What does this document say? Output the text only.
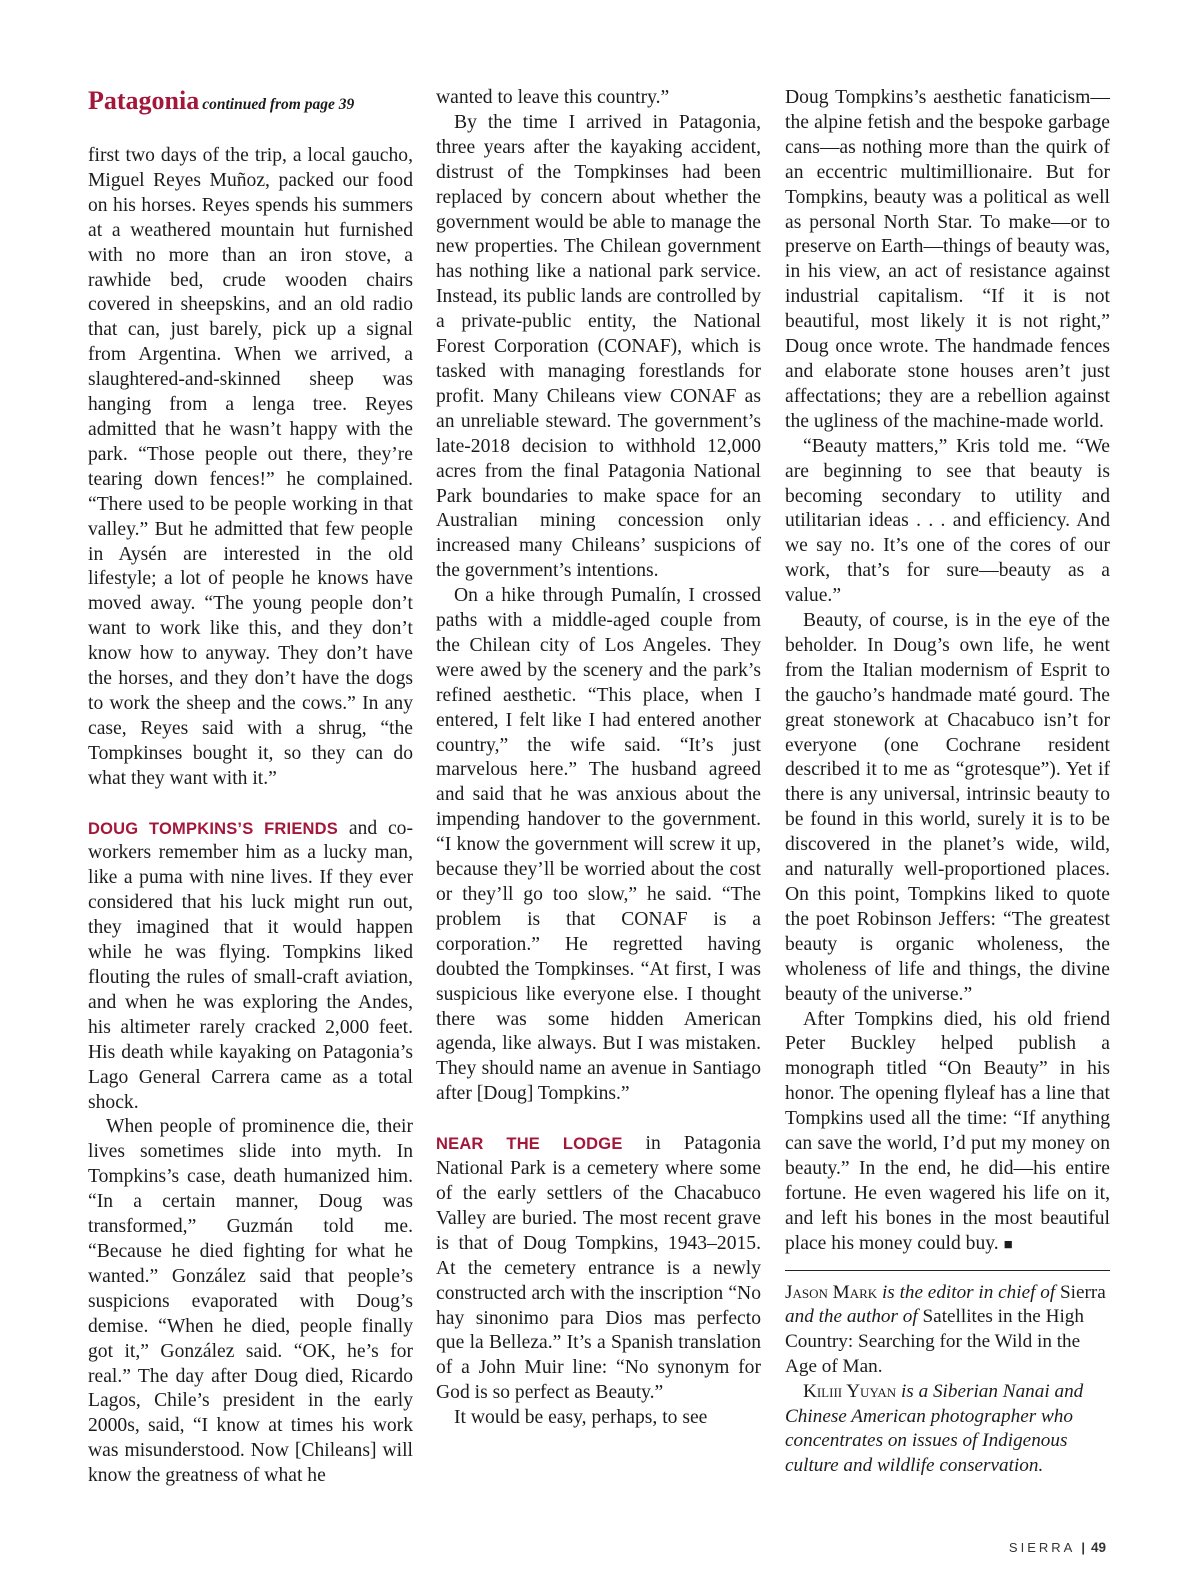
Patagonia continued from page 39

first two days of the trip, a local gaucho, Miguel Reyes Muñoz, packed our food on his horses. Reyes spends his summers at a weathered mountain hut furnished with no more than an iron stove, a rawhide bed, crude wooden chairs covered in sheepskins, and an old radio that can, just barely, pick up a signal from Argentina. When we arrived, a slaughtered-and-skinned sheep was hanging from a lenga tree. Reyes admitted that he wasn’t happy with the park. “Those people out there, they’re tearing down fences!” he complained. “There used to be people working in that valley.” But he admitted that few people in Aysén are interested in the old lifestyle; a lot of people he knows have moved away. “The young people don’t want to work like this, and they don’t know how to anyway. They don’t have the horses, and they don’t have the dogs to work the sheep and the cows.” In any case, Reyes said with a shrug, “the Tompkinses bought it, so they can do what they want with it.”

DOUG TOMPKINS’S FRIENDS and co-workers remember him as a lucky man, like a puma with nine lives. If they ever considered that his luck might run out, they imagined that it would happen while he was flying. Tompkins liked flouting the rules of small-craft aviation, and when he was exploring the Andes, his altimeter rarely cracked 2,000 feet. His death while kayaking on Patagonia’s Lago General Carrera came as a total shock.

When people of prominence die, their lives sometimes slide into myth. In Tompkins’s case, death humanized him. “In a certain manner, Doug was transformed,” Guzmán told me. “Because he died fighting for what he wanted.” González said that people’s suspicions evaporated with Doug’s demise. “When he died, people finally got it,” González said. “OK, he’s for real.” The day after Doug died, Ricardo Lagos, Chile’s president in the early 2000s, said, “I know at times his work was misunderstood. Now [Chileans] will know the greatness of what he

wanted to leave this country.”

By the time I arrived in Patagonia, three years after the kayaking accident, distrust of the Tompkinses had been replaced by concern about whether the government would be able to manage the new properties. The Chilean government has nothing like a national park service. Instead, its public lands are controlled by a private-public entity, the National Forest Corporation (CONAF), which is tasked with managing forestlands for profit. Many Chileans view CONAF as an unreliable steward. The government’s late-2018 decision to withhold 12,000 acres from the final Patagonia National Park boundaries to make space for an Australian mining concession only increased many Chileans’ suspicions of the government’s intentions.

On a hike through Pumalín, I crossed paths with a middle-aged couple from the Chilean city of Los Angeles. They were awed by the scenery and the park’s refined aesthetic. “This place, when I entered, I felt like I had entered another country,” the wife said. “It’s just marvelous here.” The husband agreed and said that he was anxious about the impending handover to the government. “I know the government will screw it up, because they’ll be worried about the cost or they’ll go too slow,” he said. “The problem is that CONAF is a corporation.” He regretted having doubted the Tompkinses. “At first, I was suspicious like everyone else. I thought there was some hidden American agenda, like always. But I was mistaken. They should name an avenue in Santiago after [Doug] Tompkins.”

NEAR THE LODGE in Patagonia National Park is a cemetery where some of the early settlers of the Chacabuco Valley are buried. The most recent grave is that of Doug Tompkins, 1943–2015. At the cemetery entrance is a newly constructed arch with the inscription “No hay sinonimo para Dios mas perfecto que la Belleza.” It’s a Spanish translation of a John Muir line: “No synonym for God is so perfect as Beauty.”

It would be easy, perhaps, to see

Doug Tompkins’s aesthetic fanaticism—the alpine fetish and the bespoke garbage cans—as nothing more than the quirk of an eccentric multimillionaire. But for Tompkins, beauty was a political as well as personal North Star. To make—or to preserve on Earth—things of beauty was, in his view, an act of resistance against industrial capitalism. “If it is not beautiful, most likely it is not right,” Doug once wrote. The handmade fences and elaborate stone houses aren’t just affectations; they are a rebellion against the ugliness of the machine-made world.

“Beauty matters,” Kris told me. “We are beginning to see that beauty is becoming secondary to utility and utilitarian ideas . . . and efficiency. And we say no. It’s one of the cores of our work, that’s for sure—beauty as a value.”

Beauty, of course, is in the eye of the beholder. In Doug’s own life, he went from the Italian modernism of Esprit to the gaucho’s handmade maté gourd. The great stonework at Chacabuco isn’t for everyone (one Cochrane resident described it to me as “grotesque”). Yet if there is any universal, intrinsic beauty to be found in this world, surely it is to be discovered in the planet’s wide, wild, and naturally well-proportioned places. On this point, Tompkins liked to quote the poet Robinson Jeffers: “The greatest beauty is organic wholeness, the wholeness of life and things, the divine beauty of the universe.”

After Tompkins died, his old friend Peter Buckley helped publish a monograph titled “On Beauty” in his honor. The opening flyleaf has a line that Tompkins used all the time: “If anything can save the world, I’d put my money on beauty.” In the end, he did—his entire fortune. He even wagered his life on it, and left his bones in the most beautiful place his money could buy. ■

Jason Mark is the editor in chief of Sierra and the author of Satellites in the High Country: Searching for the Wild in the Age of Man.

Kiliii Yuyan is a Siberian Nanai and Chinese American photographer who concentrates on issues of Indigenous culture and wildlife conservation.

SIERRA | 49
